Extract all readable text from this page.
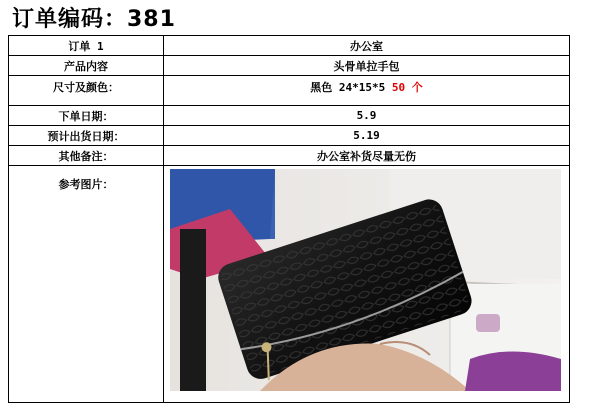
订单编码：381
订单 1	办公室
产品内容	头骨单拉手包
尺寸及颜色：	黑色 24*15*5 50 个
下单日期：	5.9
预计出货日期：	5.19
其他备注：	办公室补货尽量无伤
参考图片：	
